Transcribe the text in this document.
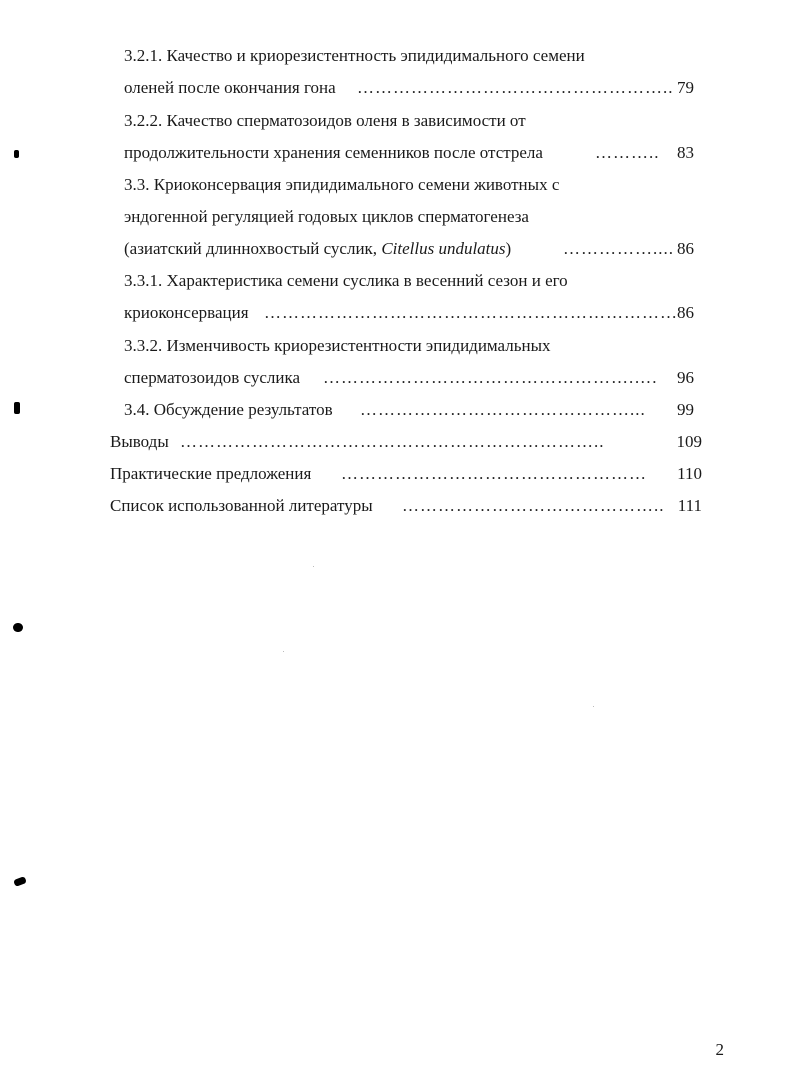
3.2.1. Качество и криорезистентность эпидидимального семени
оленей после окончания гона …………………………………………….. 79
3.2.2. Качество сперматозоидов оленя в зависимости от
продолжительности хранения семенников после отстрела	………..	83
3.3. Криоконсервация эпидидимального семени животных с
эндогенной регуляцией годовых циклов сперматогенеза
(азиатский длиннохвостый суслик, Citellus undulatus)	…………….... 86
3.3.1. Характеристика семени суслика в весенний сезон и его
криоконсервация …………………………………………………………… 86
3.3.2. Изменчивость криорезистентности эпидидимальных
сперматозоидов суслика …………………………………………….….	96
3.4. Обсуждение результатов ………………………………………...	99
Выводы ……………………………………………………………..	109
Практические предложения ……………………………………………	110
Список использованной литературы …………………………………….. 111
2
